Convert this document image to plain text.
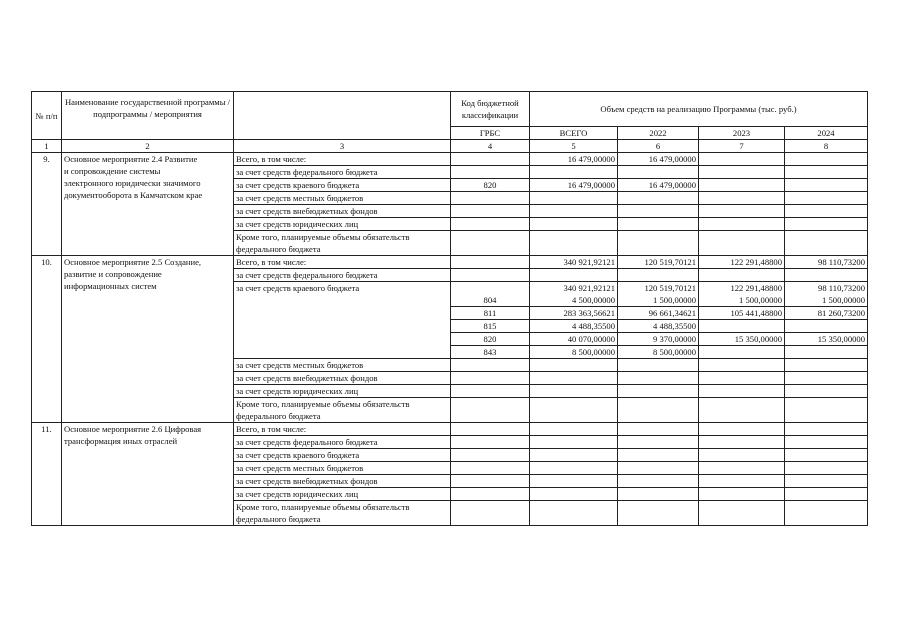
№ п/п	Наименование государственной программы / подпрограммы / мероприятия		Код бюджетной классификации	Объем средств на реализацию Программы (тыс. руб.)			
			ГРБС	ВСЕГО	2022	2023	2024
1	2	3	4	5	6	7	8
9.	Основное мероприятие 2.4 Развитие
и сопровождение системы
электронного юридически значимого
документооборота в Камчатском крае	Всего, в том числе:		16 479,00000	16 479,00000		
		за счет средств федерального бюджета					
		за счет средств краевого бюджета	820	16 479,00000	16 479,00000		
		за счет средств местных бюджетов					
		за счет средств внебюджетных фондов					
		за счет средств юридических лиц					
		Кроме того, планируемые объемы обязательств					
		федерального бюджета					
10.	Основное мероприятие 2.5 Создание,
развитие и сопровождение
информационных систем	Всего, в том числе:		340 921,92121	120 519,70121	122 291,48800	98 110,73200
		за счет средств федерального бюджета					
		за счет средств краевого бюджета		340 921,92121	120 519,70121	122 291,48800	98 110,73200
			804	4 500,00000	1 500,00000	1 500,00000	1 500,00000
			811	283 363,56621	96 661,34621	105 441,48800	81 260,73200
			815	4 488,35500	4 488,35500		
			820	40 070,00000	9 370,00000	15 350,00000	15 350,00000
			843	8 500,00000	8 500,00000		
		за счет средств местных бюджетов					
		за счет средств внебюджетных фондов					
		за счет средств юридических лиц					
		Кроме того, планируемые объемы обязательств					
		федерального бюджета					
11.	Основное мероприятие 2.6 Цифровая
трансформация иных отраслей	Всего, в том числе:					
		за счет средств федерального бюджета					
		за счет средств краевого бюджета					
		за счет средств местных бюджетов					
		за счет средств внебюджетных фондов					
		за счет средств юридических лиц					
		Кроме того, планируемые объемы обязательств					
		федерального бюджета					
